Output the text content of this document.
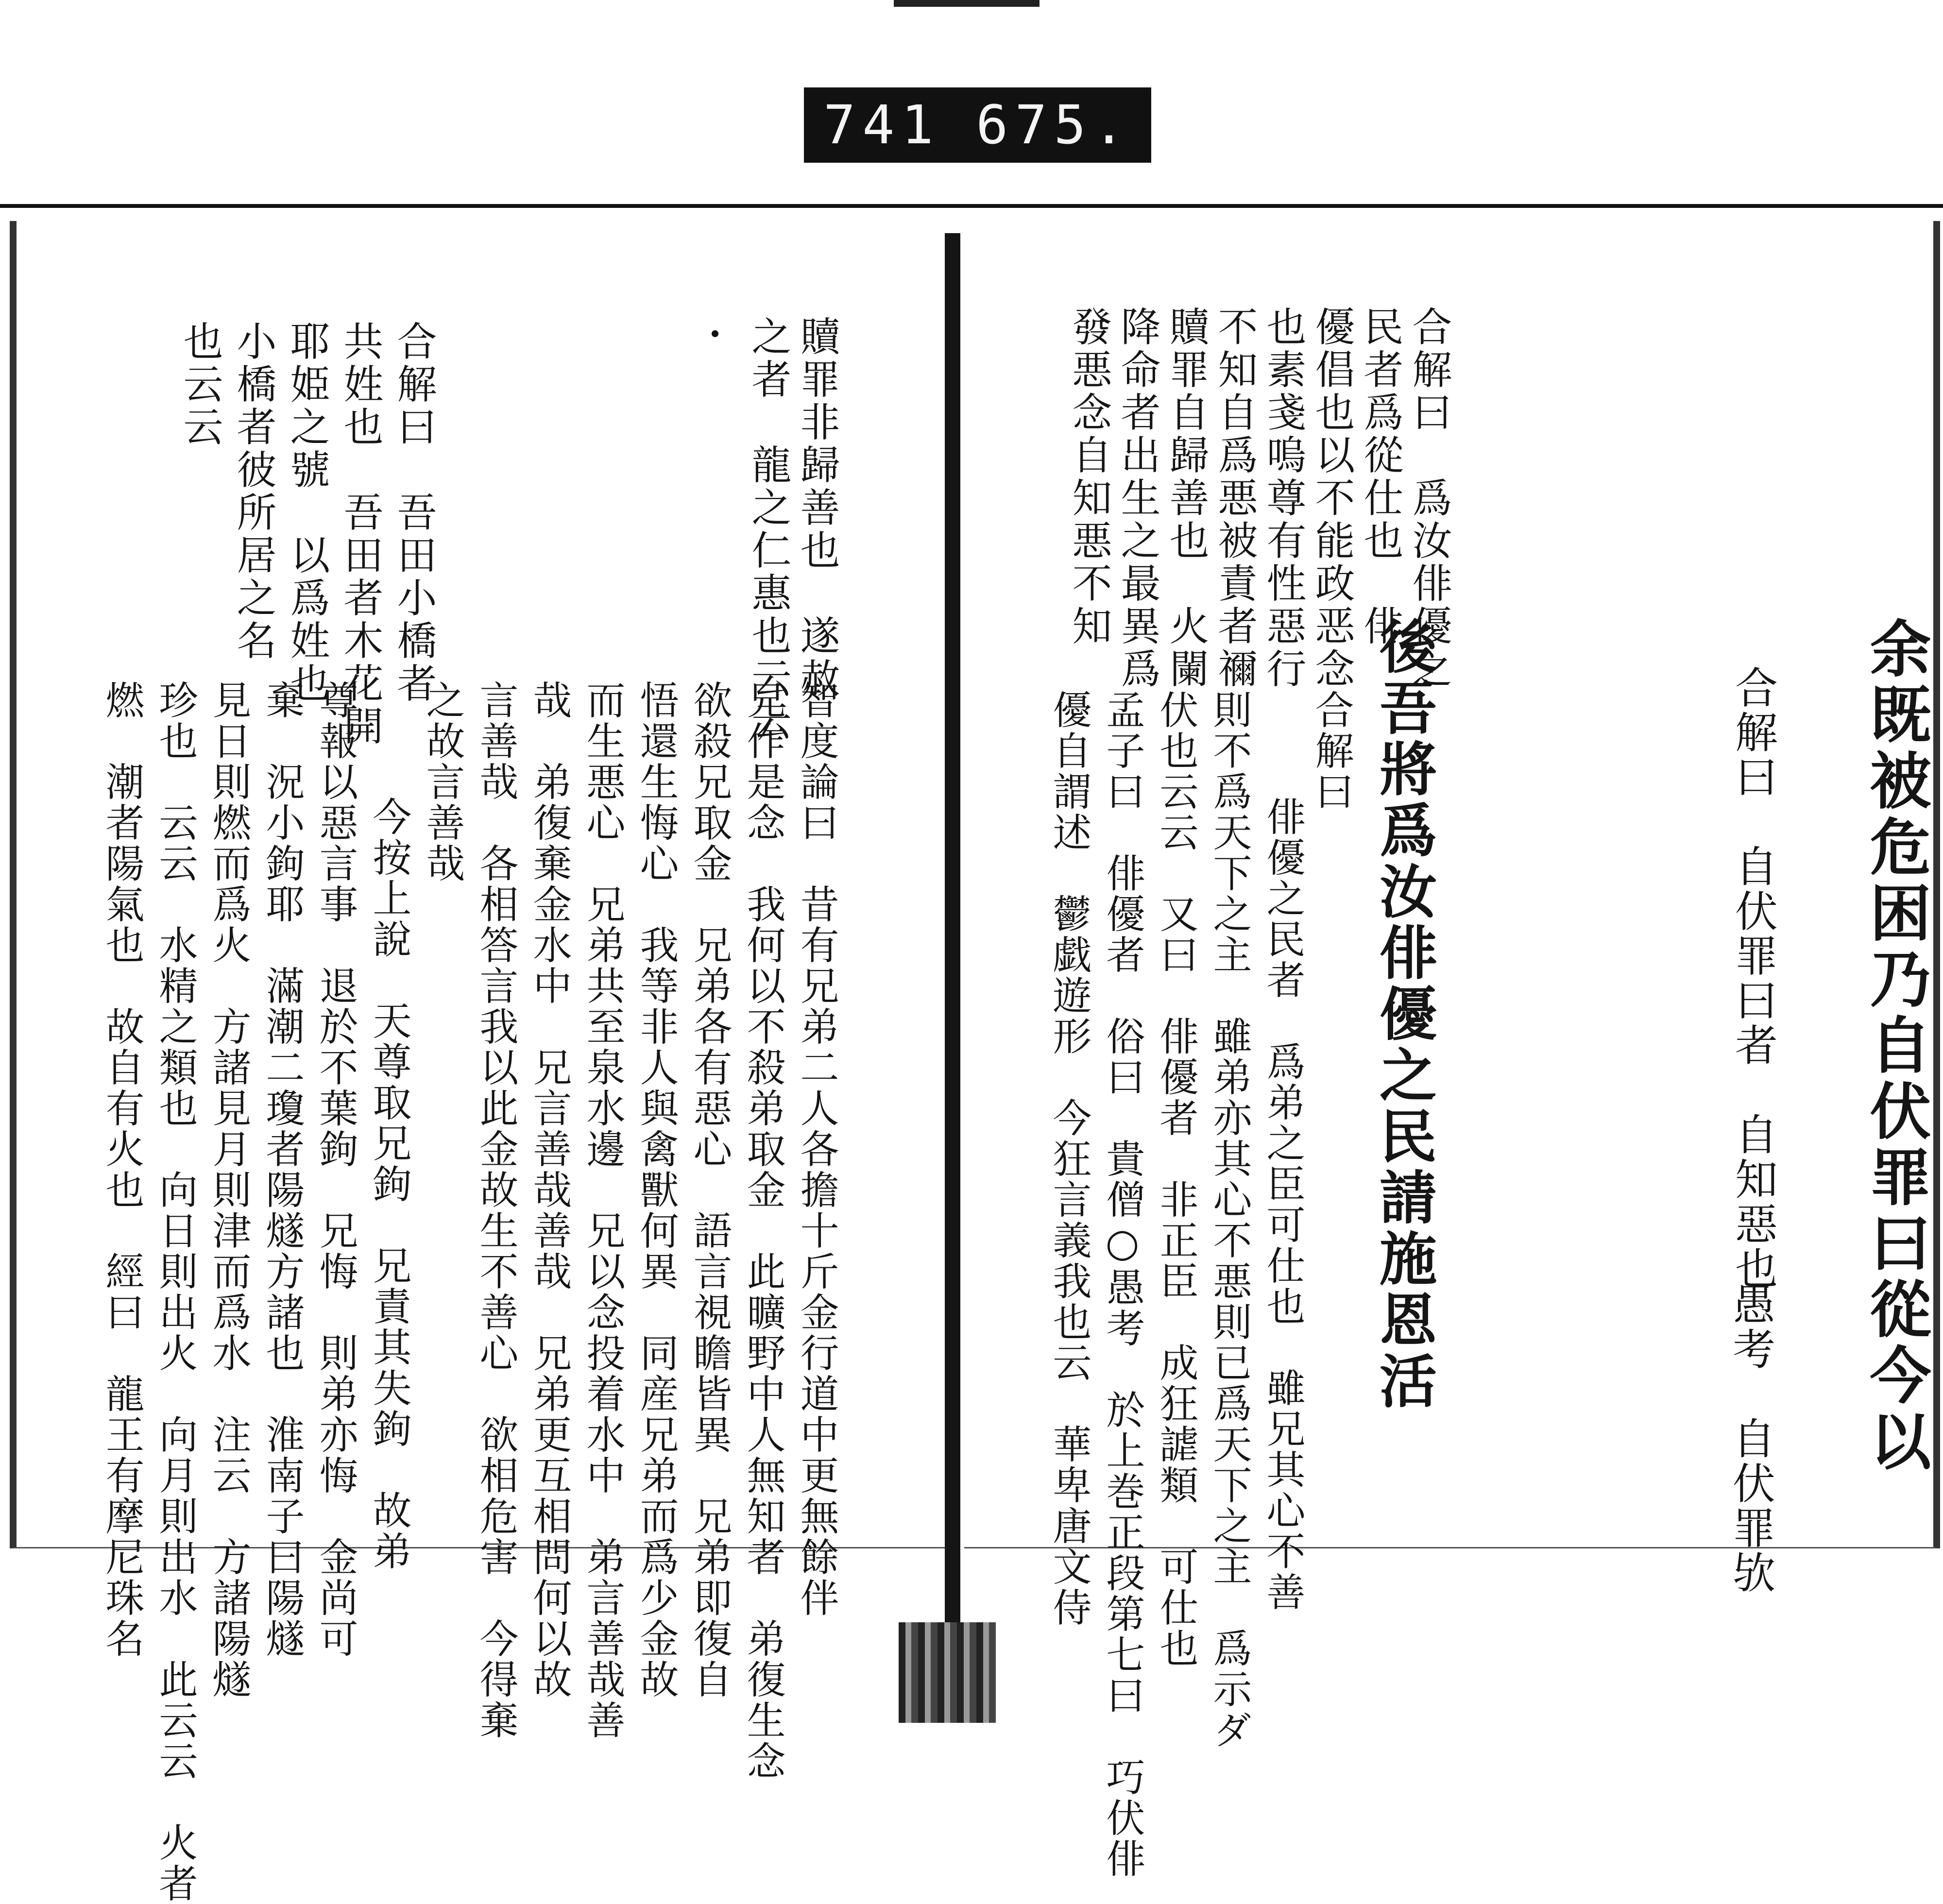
741 675.
余既被危困乃自伏罪曰從今以
合解曰　自伏罪曰者　自知惡也
愚考　自伏罪欤
合解曰　爲汝俳優之
民者爲從仕也　俳
優倡也以不能政恶念
也素戔嗚尊有性惡行
不知自爲悪被責者禰
贖罪自歸善也　火闌
降命者出生之最異爲
發悪念自知悪不知
後吾將爲汝俳優之民請施恩活
合解曰
俳優之民者　爲弟之臣可仕也　雖兄其心不善
則不爲天下之主　雖弟亦其心不悪則已爲天下之主　爲示ダ
伏也云云　又曰　俳優者　非正臣　成狂謔類　可仕也
孟子曰　俳優者　俗曰　貴僧○愚考　於上巻正段第七曰　巧伏俳
優自謂述　鬱戯遊形　今狂言義我也云　華卑唐文侍
贖罪非歸善也　遂赦
之者　龍之仁惠也云云
合解曰　吾田小橋者
共姓也　吾田者木花開
耶姫之號　以爲姓也
小橋者彼所居之名
也云云
智度論曰　昔有兄弟二人各擔十斤金行道中更無餘伴
兄作是念　我何以不殺弟取金　此曠野中人無知者　弟復生念
欲殺兄取金　兄弟各有惡心　語言視瞻皆異　兄弟即復自
悟還生悔心　我等非人與禽獸何異　同産兄弟而爲少金故
而生悪心　兄弟共至泉水邊　兄以念投着水中　弟言善哉善
哉　弟復棄金水中　兄言善哉善哉　兄弟更互相問何以故
言善哉　各相答言我以此金故生不善心　欲相危害　今得棄
之故言善哉
今按上說　天尊取兄鉤　兄責其失鉤　故弟
尊報以惡言事　退於不葉鉤　兄悔　則弟亦悔　金尚可
棄　況小鉤耶　滿潮二瓊者陽燧方諸也　淮南子曰陽燧
見日則燃而爲火　方諸見月則津而爲水　注云　方諸陽燧
珍也　云云　水精之類也　向日則出火　向月則出水　此云云　火者
燃　潮者陽氣也　故自有火也　經曰　龍王有摩尼珠名
